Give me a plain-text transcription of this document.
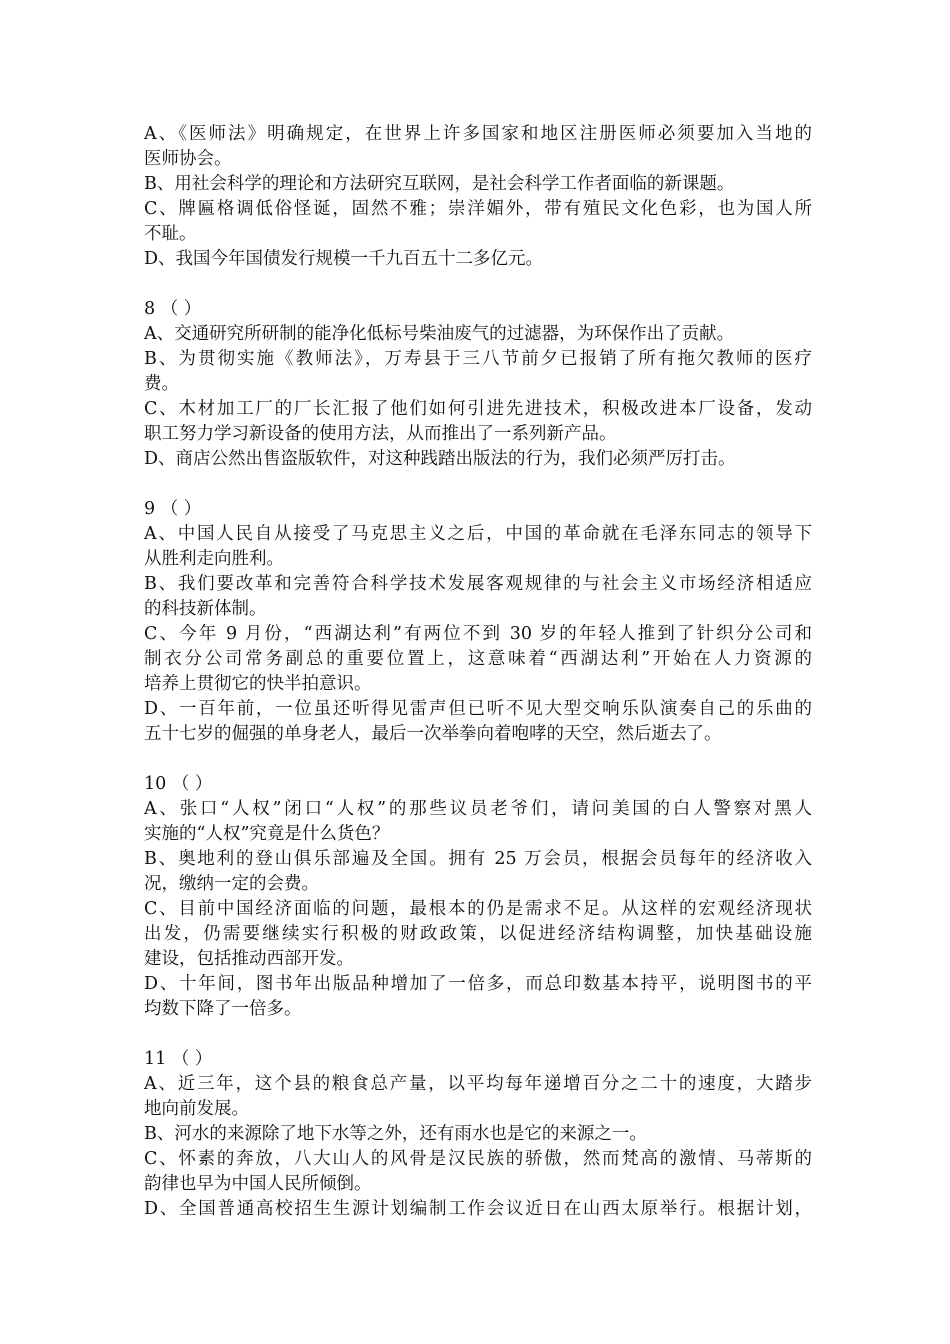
A、《医师法》明确规定，在世界上许多国家和地区注册医师必须要加入当地的
医师协会。
B、用社会科学的理论和方法研究互联网，是社会科学工作者面临的新课题。
C、牌匾格调低俗怪诞，固然不雅；崇洋媚外，带有殖民文化色彩，也为国人所
不耻。
D、我国今年国债发行规模一千九百五十二多亿元。
8 （ ）
A、交通研究所研制的能净化低标号柴油废气的过滤器，为环保作出了贡献。
B、为贯彻实施《教师法》，万寿县于三八节前夕已报销了所有拖欠教师的医疗
费。
C、木材加工厂的厂长汇报了他们如何引进先进技术，积极改进本厂设备，发动
职工努力学习新设备的使用方法，从而推出了一系列新产品。
D、商店公然出售盗版软件，对这种践踏出版法的行为，我们必须严厉打击。
9 （ ）
A、中国人民自从接受了马克思主义之后，中国的革命就在毛泽东同志的领导下
从胜利走向胜利。
B、我们要改革和完善符合科学技术发展客观规律的与社会主义市场经济相适应
的科技新体制。
C、今年 9 月份，“西湖达利”有两位不到 30 岁的年轻人推到了针织分公司和
制衣分公司常务副总的重要位置上，这意味着“西湖达利”开始在人力资源的
培养上贯彻它的快半拍意识。
D、一百年前，一位虽还听得见雷声但已听不见大型交响乐队演奏自己的乐曲的
五十七岁的倔强的单身老人，最后一次举拳向着咆哮的天空，然后逝去了。
10 （ ）
A、张口“人权”闭口“人权”的那些议员老爷们，请问美国的白人警察对黑人
实施的“人权”究竟是什么货色？
B、奥地利的登山俱乐部遍及全国。拥有 25 万会员，根据会员每年的经济收入
况，缴纳一定的会费。
C、目前中国经济面临的问题，最根本的仍是需求不足。从这样的宏观经济现状
出发，仍需要继续实行积极的财政政策，以促进经济结构调整，加快基础设施
建设，包括推动西部开发。
D、十年间，图书年出版品种增加了一倍多，而总印数基本持平，说明图书的平
均数下降了一倍多。
11 （ ）
A、近三年，这个县的粮食总产量，以平均每年递增百分之二十的速度，大踏步
地向前发展。
B、河水的来源除了地下水等之外，还有雨水也是它的来源之一。
C、怀素的奔放，八大山人的风骨是汉民族的骄傲，然而梵高的激情、马蒂斯的
韵律也早为中国人民所倾倒。
D、全国普通高校招生生源计划编制工作会议近日在山西太原举行。根据计划，
